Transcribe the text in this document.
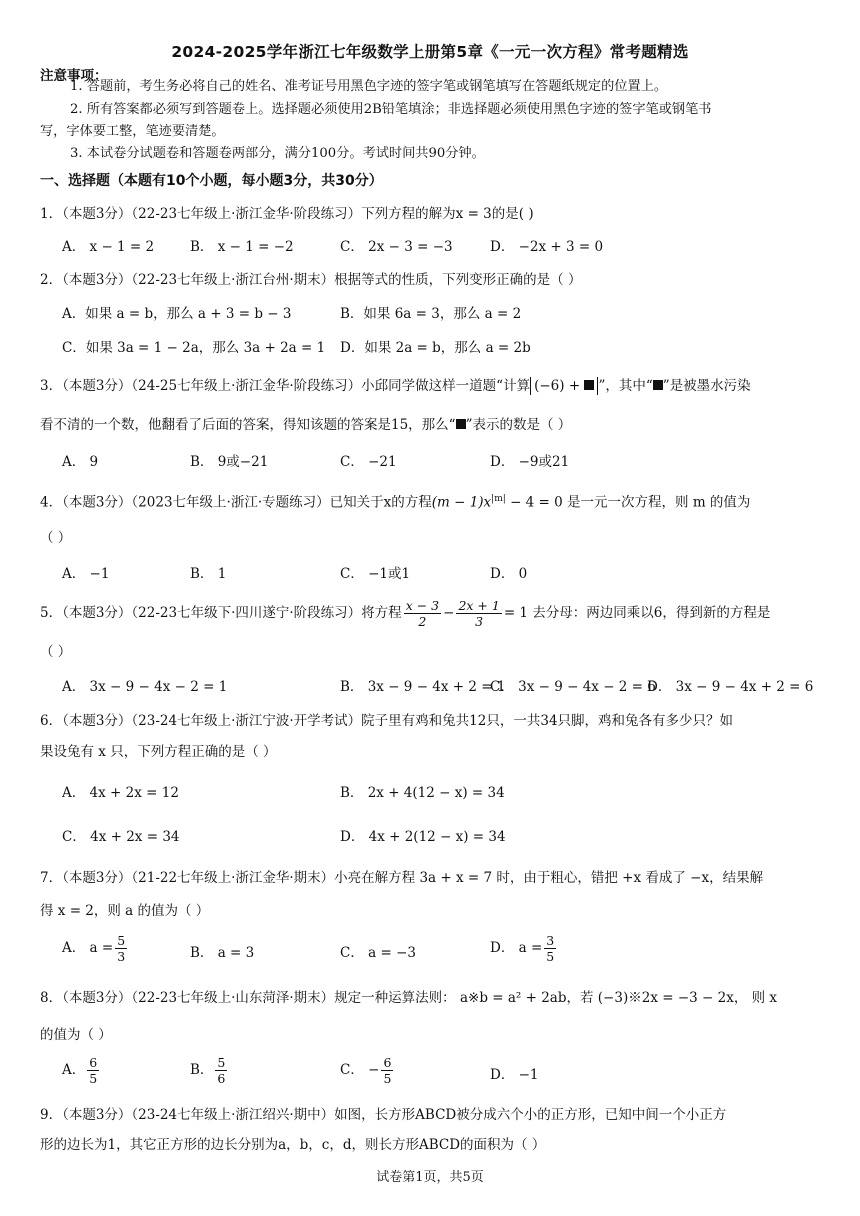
2024-2025学年浙江七年级数学上册第5章《一元一次方程》常考题精选
注意事项：
1. 答题前，考生务必将自己的姓名、准考证号用黑色字迹的签字笔或钢笔填写在答题纸规定的位置上。
2. 所有答案都必须写到答题卷上。选择题必须使用2B铅笔填涂；非选择题必须使用黑色字迹的签字笔或钢笔书
写，字体要工整，笔迹要清楚。
3. 本试卷分试题卷和答题卷两部分，满分100分。考试时间共90分钟。
一、选择题（本题有10个小题，每小题3分，共30分）
1．（本题3分）（22-23七年级上·浙江金华·阶段练习）下列方程的解为x = 3的是( )
A． x − 1 = 2	B． x − 1 = −2	C． 2x − 3 = −3	D． −2x + 3 = 0
2．（本题3分）（22-23七年级上·浙江台州·期末）根据等式的性质，下列变形正确的是（ ）
A．如果 a = b，那么 a + 3 = b − 3	B．如果 6a = 3，那么 a = 2
C．如果 3a = 1 − 2a，那么 3a + 2a = 1 D．如果 2a = b，那么 a = 2b
3．（本题3分）（24-25七年级上·浙江金华·阶段练习）小邱同学做这样一道题“计算 (−6) + ”，其中“ ”是被墨水污染
看不清的一个数，他翻看了后面的答案，得知该题的答案是15，那么“ ”表示的数是（ ）
A． 9	B． 9或−21	C． −21	D． −9或21
4．（本题3分）（2023七年级上·浙江·专题练习）已知关于x的方程$(m - 1)x^{|m|} - 4 = 0$ 是一元一次方程，则 m 的值为
（ ）
A． −1	B． 1	C． −1或1	D． 0
5．（本题3分）（22-23七年级下·四川遂宁·阶段练习）将方程 $\frac{x - 3}{2} - \frac{2x + 1}{3} = 1$ 去分母：两边同乘以6，得到新的方程是
（ ）
A． 3x − 9 − 4x − 2 = 1	B． 3x − 9 − 4x + 2 = 1
C． 3x − 9 − 4x − 2 = 6
D． 3x − 9 − 4x + 2 = 6
6．（本题3分）（23-24七年级上·浙江宁波·开学考试）院子里有鸡和兔共12只，一共34只脚，鸡和兔各有多少只？如
果设兔有 x 只，下列方程正确的是（ ）
A． 4x + 2x = 12	B． 2x + 4(12 − x) = 34
C． 4x + 2x = 34	D． 4x + 2(12 − x) = 34
7．（本题3分）（21-22七年级上·浙江金华·期末）小亮在解方程 3a + x = 7 时，由于粗心，错把 +x 看成了 −x，结果解
得 x = 2，则 a 的值为（ ）
A． $a = \frac{5}{3}$	B． a = 3	C． a = −3	D． $a = \frac{3}{5}$
8．（本题3分）（22-23七年级上·山东菏泽·期末）规定一种运算法则： a※b = a² + 2ab，若 (−3)※2x = −3 − 2x， 则 x
的值为（ ）
A． $\frac{6}{5}$	B． $\frac{5}{6}$	C． − $\frac{6}{5}$	D． −1
9．（本题3分）（23-24七年级上·浙江绍兴·期中）如图，长方形ABCD被分成六个小的正方形，已知中间一个小正方
形的边长为1，其它正方形的边长分别为a，b，c，d，则长方形ABCD的面积为（ ）
试卷第1页，共5页
